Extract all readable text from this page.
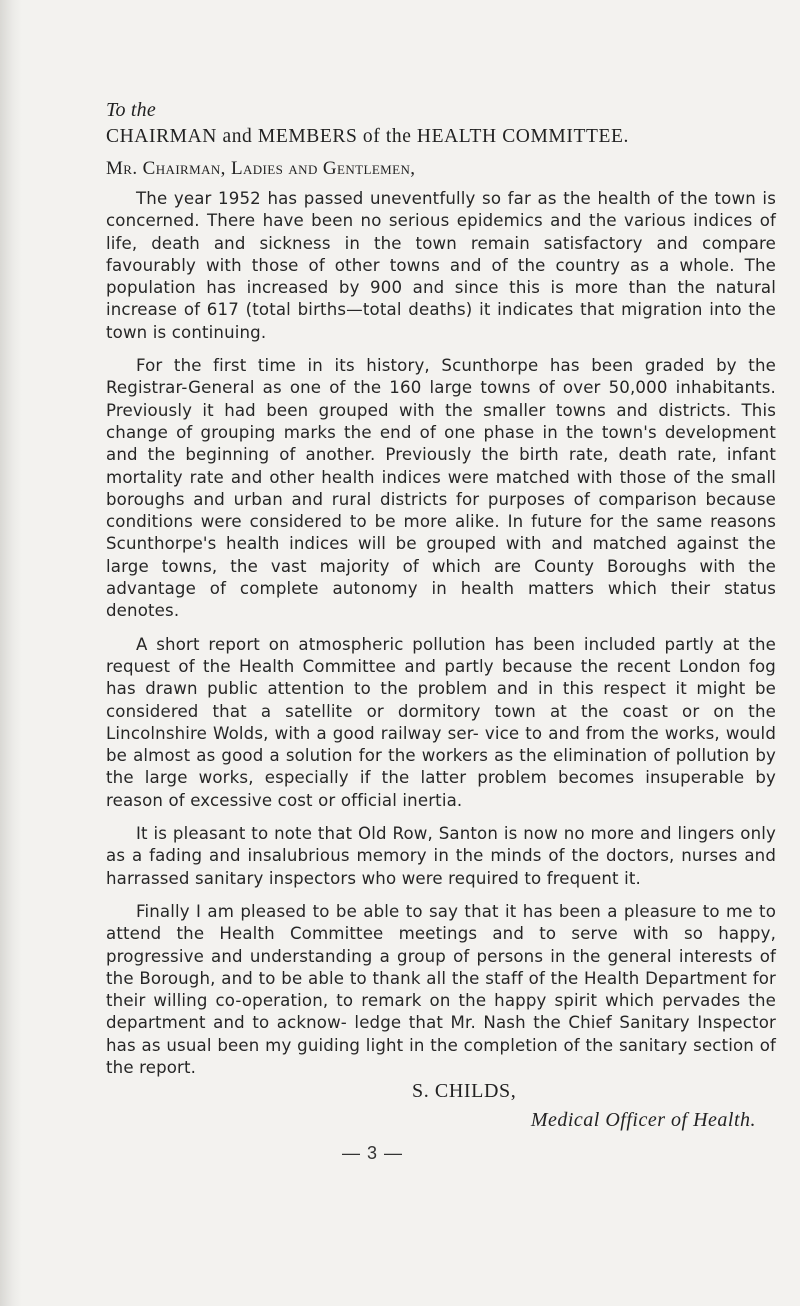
To the

CHAIRMAN and MEMBERS of the HEALTH COMMITTEE.

Mr. Chairman, Ladies and Gentlemen,

The year 1952 has passed uneventfully so far as the health of the town is concerned. There have been no serious epidemics and the various indices of life, death and sickness in the town remain satisfactory and compare favourably with those of other towns and of the country as a whole. The population has increased by 900 and since this is more than the natural increase of 617 (total births—total deaths) it indicates that migration into the town is continuing.

For the first time in its history, Scunthorpe has been graded by the Registrar-General as one of the 160 large towns of over 50,000 inhabitants. Previously it had been grouped with the smaller towns and districts. This change of grouping marks the end of one phase in the town's development and the beginning of another. Previously the birth rate, death rate, infant mortality rate and other health indices were matched with those of the small boroughs and urban and rural districts for purposes of comparison because conditions were considered to be more alike. In future for the same reasons Scunthorpe's health indices will be grouped with and matched against the large towns, the vast majority of which are County Boroughs with the advantage of complete autonomy in health matters which their status denotes.

A short report on atmospheric pollution has been included partly at the request of the Health Committee and partly because the recent London fog has drawn public attention to the problem and in this respect it might be considered that a satellite or dormitory town at the coast or on the Lincolnshire Wolds, with a good railway ser- vice to and from the works, would be almost as good a solution for the workers as the elimination of pollution by the large works, especially if the latter problem becomes insuperable by reason of excessive cost or official inertia.

It is pleasant to note that Old Row, Santon is now no more and lingers only as a fading and insalubrious memory in the minds of the doctors, nurses and harrassed sanitary inspectors who were required to frequent it.

Finally I am pleased to be able to say that it has been a pleasure to me to attend the Health Committee meetings and to serve with so happy, progressive and understanding a group of persons in the general interests of the Borough, and to be able to thank all the staff of the Health Department for their willing co-operation, to remark on the happy spirit which pervades the department and to acknow- ledge that Mr. Nash the Chief Sanitary Inspector has as usual been my guiding light in the completion of the sanitary section of the report.

S. CHILDS,

Medical Officer of Health.

— 3 —
